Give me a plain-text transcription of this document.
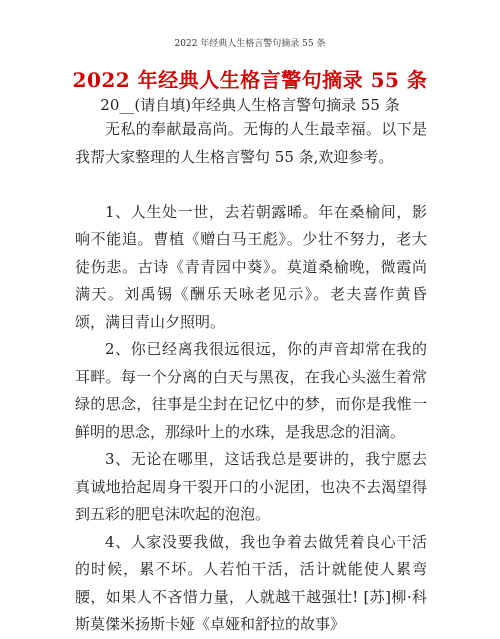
2022 年经典人生格言警句摘录 55 条
2022 年经典人生格言警句摘录 55 条
20__(请自填)年经典人生格言警句摘录 55 条

无私的奉献最高尚。无悔的人生最幸福。以下是我帮大家整理的人生格言警句 55 条,欢迎参考。

1、人生处一世，去若朝露晞。年在桑榆间，影响不能追。曹植《赠白马王彪》。少壮不努力，老大徒伤悲。古诗《青青园中葵》。莫道桑榆晚，微霞尚满天。刘禹锡《酬乐天咏老见示》。老夫喜作黄昏颂，满目青山夕照明。

2、你已经离我很远很远，你的声音却常在我的耳畔。每一个分离的白天与黑夜，在我心头滋生着常绿的思念，往事是尘封在记忆中的梦，而你是我惟一鲜明的思念，那绿叶上的水珠，是我思念的泪滴。

3、无论在哪里，这话我总是要讲的，我宁愿去真诚地拾起周身干裂开口的小泥团，也决不去渴望得到五彩的肥皂沫吹起的泡泡。

4、人家没要我做，我也争着去做凭着良心干活的时候，累不坏。人若怕干活，活计就能使人累弯腰，如果人不吝惜力量，人就越干越强壮! [苏]柳·科斯莫傑米扬斯卡娅《卓娅和舒拉的故事》
